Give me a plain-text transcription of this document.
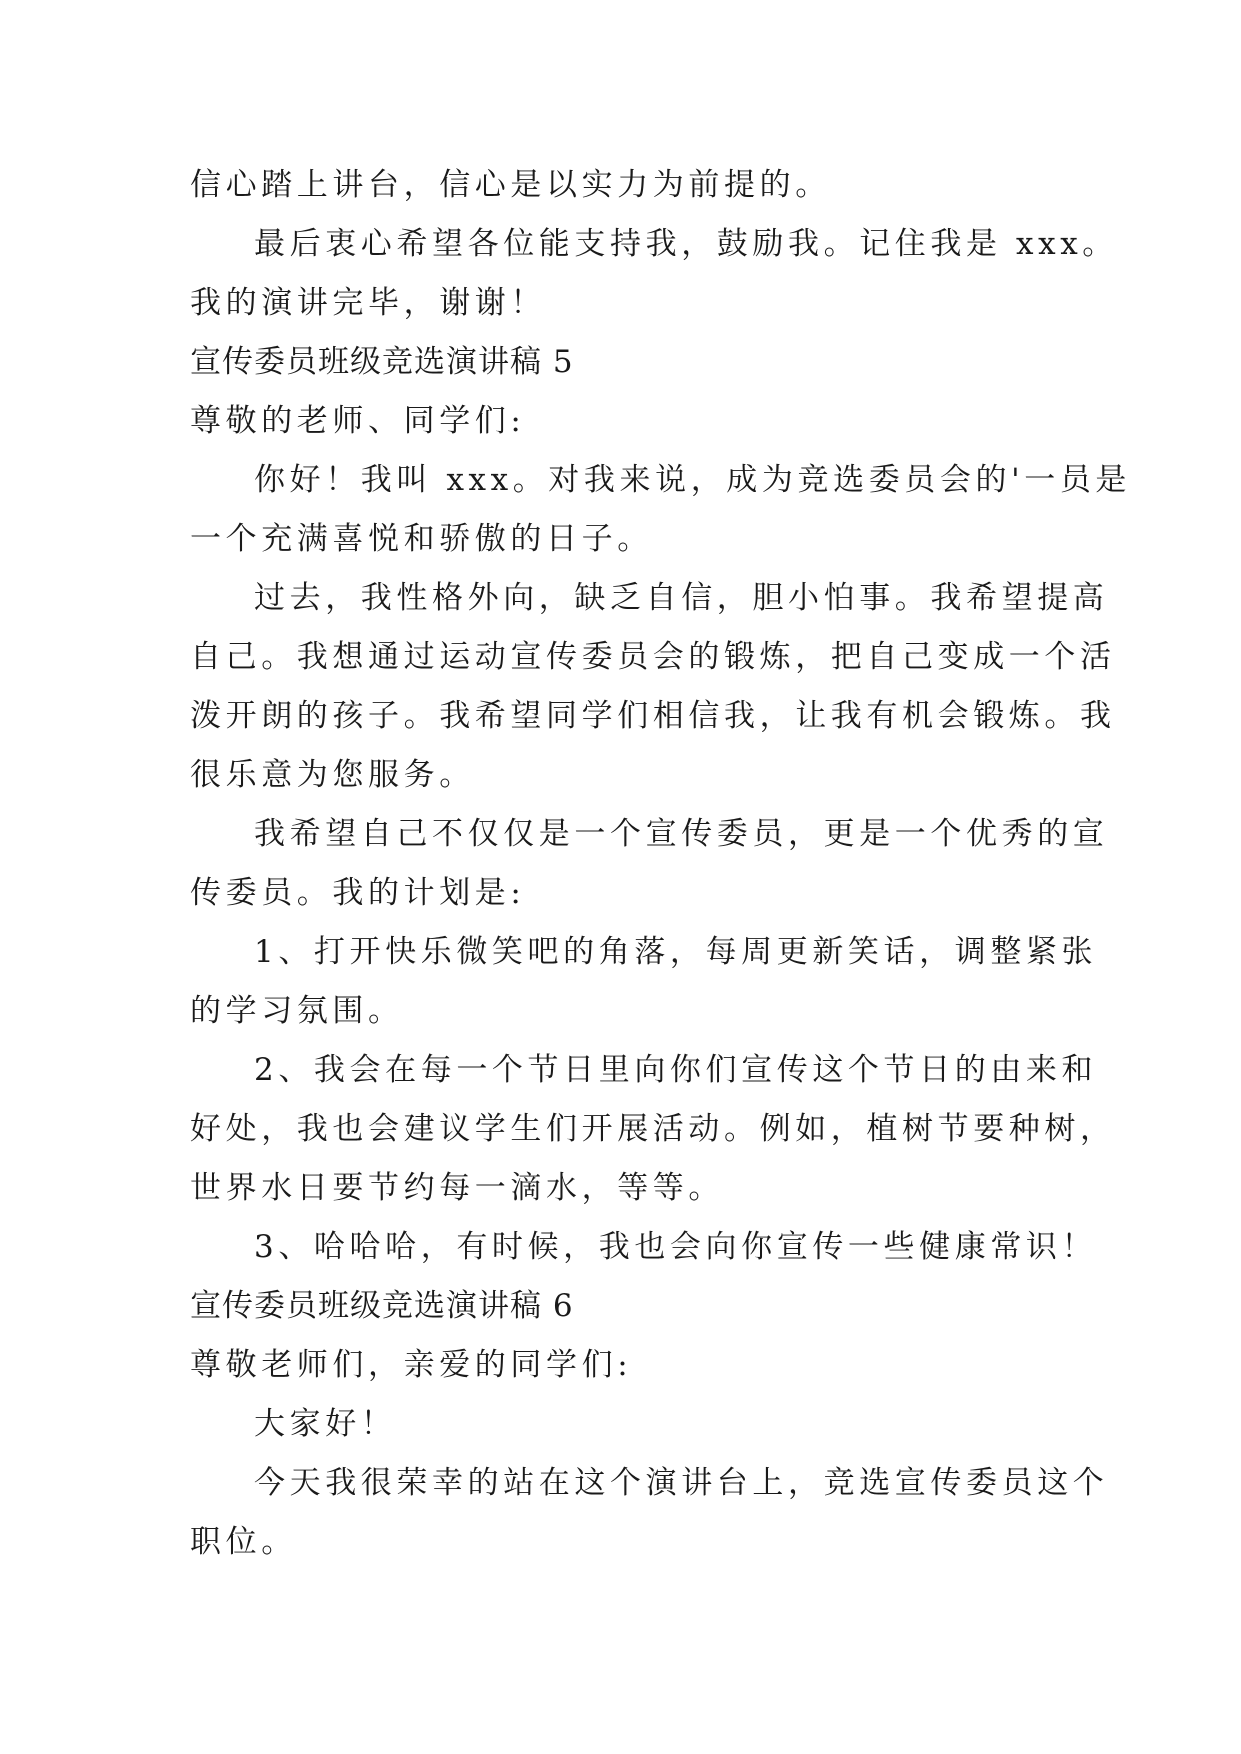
信心踏上讲台，信心是以实力为前提的。
最后衷心希望各位能支持我，鼓励我。记住我是 xxx。
我的演讲完毕，谢谢！
宣传委员班级竞选演讲稿 5
尊敬的老师、同学们:
你好！我叫 xxx。对我来说，成为竞选委员会的'一员是
一个充满喜悦和骄傲的日子。
过去，我性格外向，缺乏自信，胆小怕事。我希望提高
自己。我想通过运动宣传委员会的锻炼，把自己变成一个活
泼开朗的孩子。我希望同学们相信我，让我有机会锻炼。我
很乐意为您服务。
我希望自己不仅仅是一个宣传委员，更是一个优秀的宣
传委员。我的计划是:
1、打开快乐微笑吧的角落，每周更新笑话，调整紧张
的学习氛围。
2、我会在每一个节日里向你们宣传这个节日的由来和
好处，我也会建议学生们开展活动。例如，植树节要种树，
世界水日要节约每一滴水，等等。
3、哈哈哈，有时候，我也会向你宣传一些健康常识！
宣传委员班级竞选演讲稿 6
尊敬老师们，亲爱的同学们:
大家好！
今天我很荣幸的站在这个演讲台上，竞选宣传委员这个
职位。
